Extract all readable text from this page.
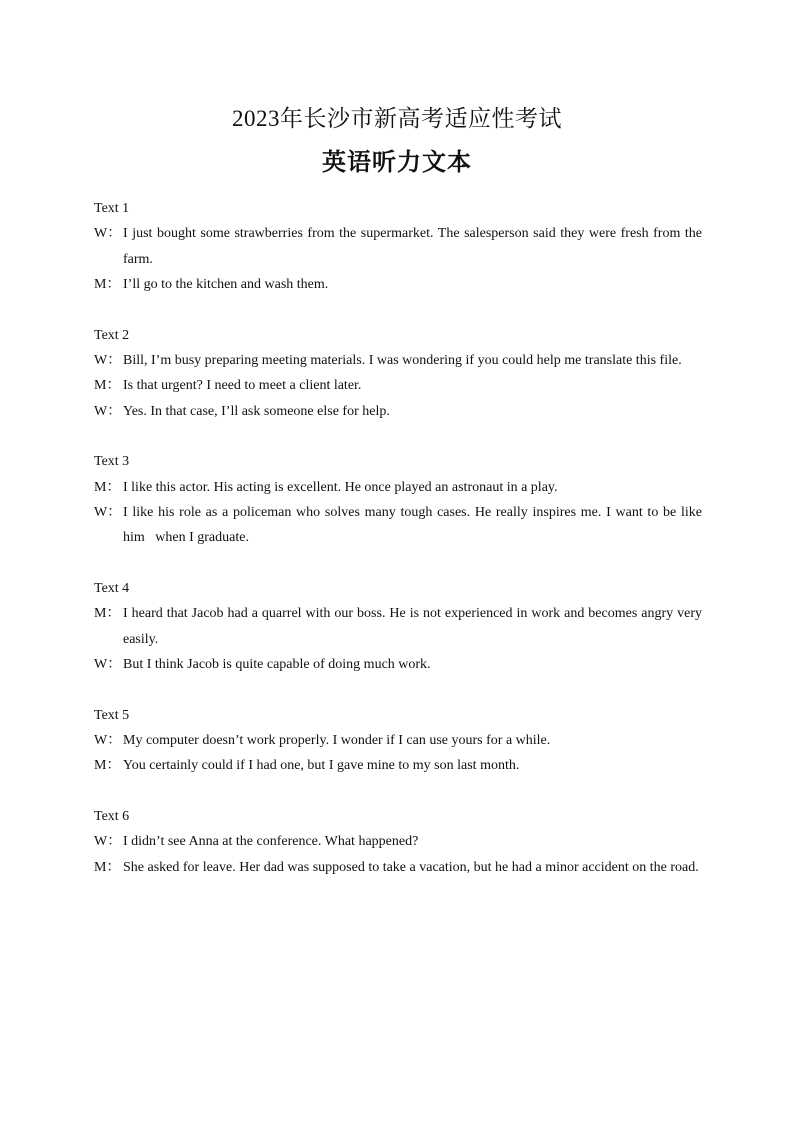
2023年长沙市新高考适应性考试
英语听力文本

Text 1

W： I just bought some strawberries from the supermarket. The salesperson said they were fresh from the farm.

M： I’ll go to the kitchen and wash them.

Text 2

W： Bill, I’m busy preparing meeting materials. I was wondering if you could help me translate this file.

M： Is that urgent? I need to meet a client later.

W： Yes. In that case, I’ll ask someone else for help.

Text 3

M： I like this actor. His acting is excellent. He once played an astronaut in a play.

W： I like his role as a policeman who solves many tough cases. He really inspires me. I want to be like him   when I graduate.

Text 4

M： I heard that Jacob had a quarrel with our boss. He is not experienced in work and becomes angry very easily.

W： But I think Jacob is quite capable of doing much work.

Text 5

W： My computer doesn’t work properly. I wonder if I can use yours for a while.

M： You certainly could if I had one, but I gave mine to my son last month.

Text 6

W： I didn’t see Anna at the conference. What happened?

M： She asked for leave. Her dad was supposed to take a vacation, but he had a minor accident on the road.
